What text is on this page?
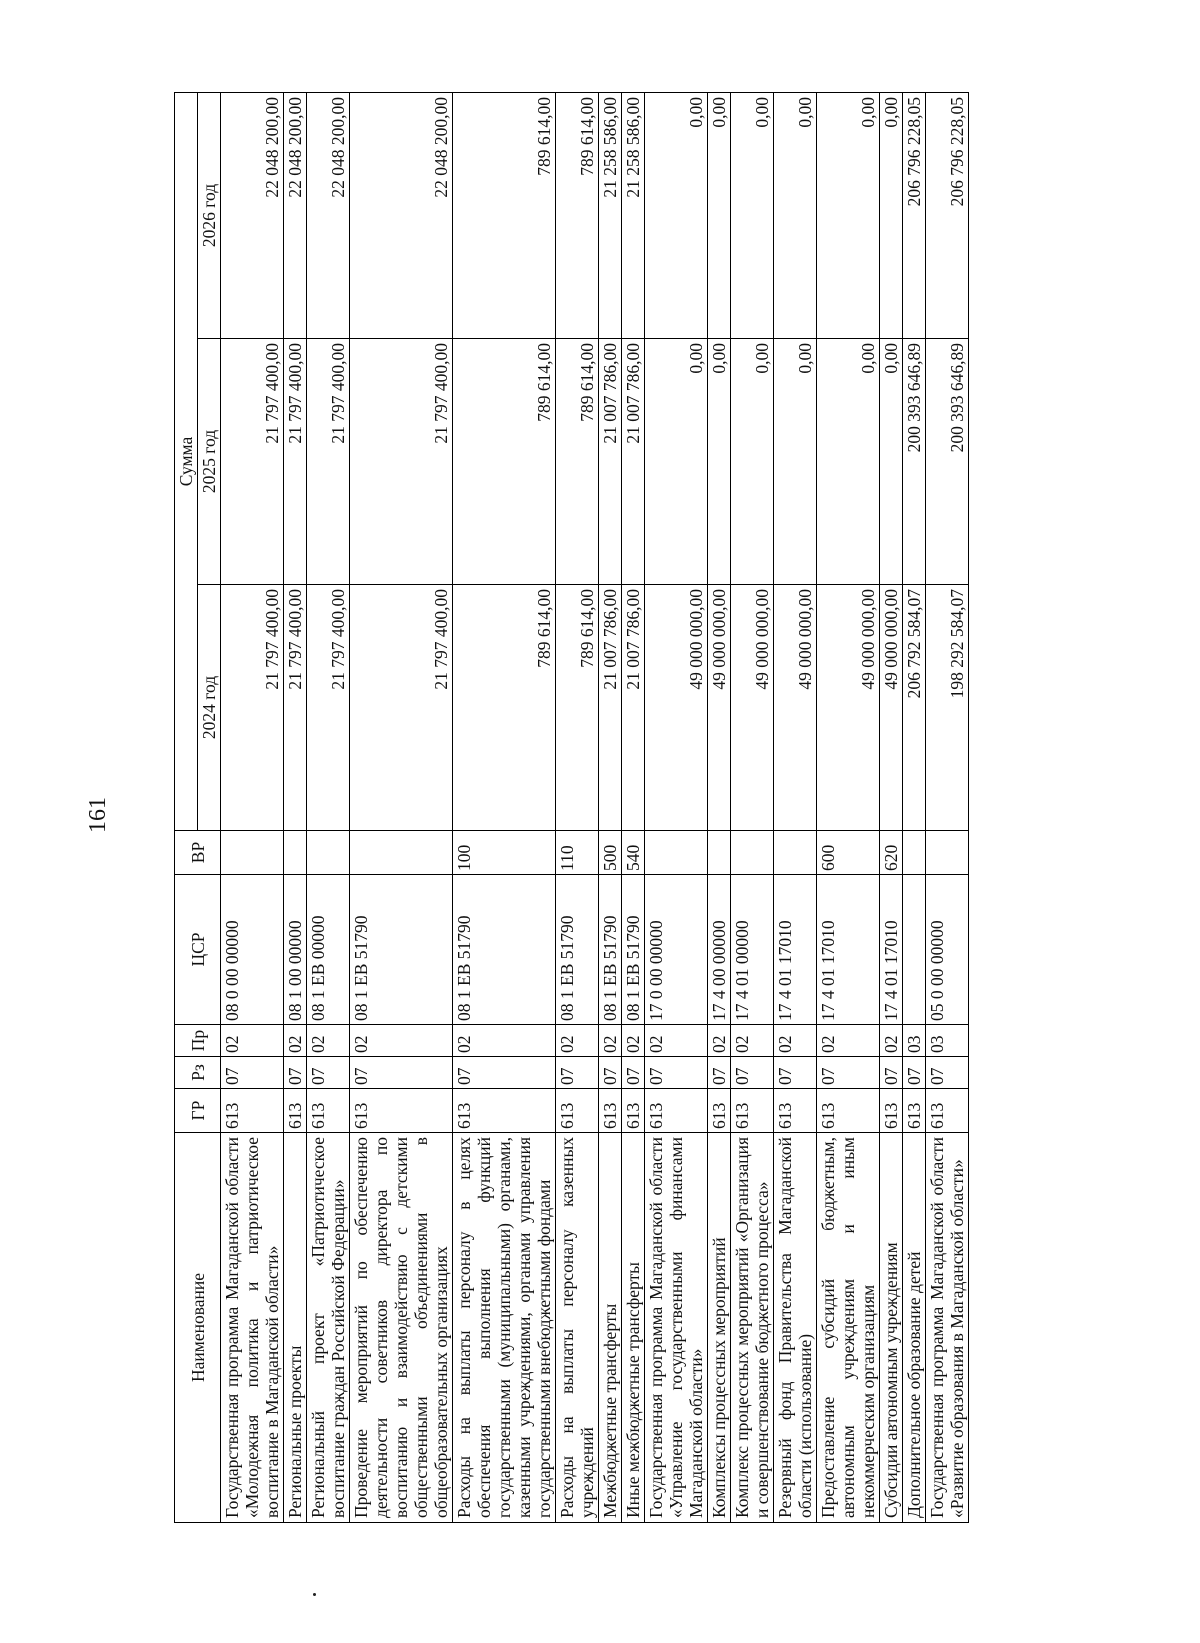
161
Наименование	ГР	Рз	Пр	ЦСР	ВР	Сумма		
						2024 год	2025 год	2026 год
Государственная программа Магаданской области «Молодежная политика и патриотическое воспитание в Магаданской области»	613	07	02	08 0 00 00000		21 797 400,00	21 797 400,00	22 048 200,00
Региональные проекты	613	07	02	08 1 00 00000		21 797 400,00	21 797 400,00	22 048 200,00
Региональный проект «Патриотическое воспитание граждан Российской Федерации»	613	07	02	08 1 EB 00000		21 797 400,00	21 797 400,00	22 048 200,00
Проведение мероприятий по обеспечению деятельности советников директора по воспитанию и взаимодействию с детскими общественными объединениями в общеобразовательных организациях	613	07	02	08 1 EB 51790		21 797 400,00	21 797 400,00	22 048 200,00
Расходы на выплаты персоналу в целях обеспечения выполнения функций государственными (муниципальными) органами, казенными учреждениями, органами управления государственными внебюджетными фондами	613	07	02	08 1 EB 51790	100	789 614,00	789 614,00	789 614,00
Расходы на выплаты персоналу казенных учреждений	613	07	02	08 1 EB 51790	110	789 614,00	789 614,00	789 614,00
Межбюджетные трансферты	613	07	02	08 1 EB 51790	500	21 007 786,00	21 007 786,00	21 258 586,00
Иные межбюджетные трансферты	613	07	02	08 1 EB 51790	540	21 007 786,00	21 007 786,00	21 258 586,00
Государственная программа Магаданской области «Управление государственными финансами Магаданской области»	613	07	02	17 0 00 00000		49 000 000,00	0,00	0,00
Комплексы процессных мероприятий	613	07	02	17 4 00 00000		49 000 000,00	0,00	0,00
Комплекс процессных мероприятий «Организация и совершенствование бюджетного процесса»	613	07	02	17 4 01 00000		49 000 000,00	0,00	0,00
Резервный фонд Правительства Магаданской области (использование)	613	07	02	17 4 01 17010		49 000 000,00	0,00	0,00
Предоставление субсидий бюджетным, автономным учреждениям и иным некоммерческим организациям	613	07	02	17 4 01 17010	600	49 000 000,00	0,00	0,00
Субсидии автономным учреждениям	613	07	02	17 4 01 17010	620	49 000 000,00	0,00	0,00
Дополнительное образование детей	613	07	03			206 792 584,07	200 393 646,89	206 796 228,05
Государственная программа Магаданской области «Развитие образования в Магаданской области»	613	07	03	05 0 00 00000		198 292 584,07	200 393 646,89	206 796 228,05
